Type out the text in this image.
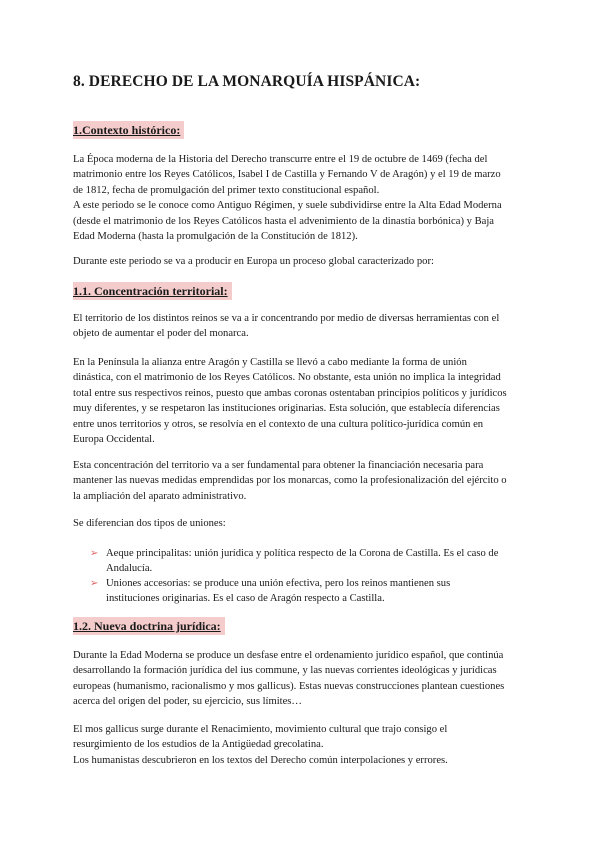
8. DERECHO DE LA MONARQUÍA HISPÁNICA:
1.Contexto histórico:
La Época moderna de la Historia del Derecho transcurre entre el 19 de octubre de 1469 (fecha del
matrimonio entre los Reyes Católicos, Isabel I de Castilla y Fernando V de Aragón) y el 19 de marzo
de 1812, fecha de promulgación del primer texto constitucional español.
A este periodo se le conoce como Antiguo Régimen, y suele subdividirse entre la Alta Edad Moderna
(desde el matrimonio de los Reyes Católicos hasta el advenimiento de la dinastía borbónica) y Baja
Edad Moderna (hasta la promulgación de la Constitución de 1812).
Durante este periodo se va a producir en Europa un proceso global caracterizado por:
1.1. Concentración territorial:
El territorio de los distintos reinos se va a ir concentrando por medio de diversas herramientas con el
objeto de aumentar el poder del monarca.
En la Península la alianza entre Aragón y Castilla se llevó a cabo mediante la forma de unión
dinástica, con el matrimonio de los Reyes Católicos. No obstante, esta unión no implica la integridad
total entre sus respectivos reinos, puesto que ambas coronas ostentaban principios políticos y jurídicos
muy diferentes, y se respetaron las instituciones originarias. Esta solución, que establecía diferencias
entre unos territorios y otros, se resolvía en el contexto de una cultura político-jurídica común en
Europa Occidental.
Esta concentración del territorio va a ser fundamental para obtener la financiación necesaria para
mantener las nuevas medidas emprendidas por los monarcas, como la profesionalización del ejército o
la ampliación del aparato administrativo.
Se diferencian dos tipos de uniones:
➢ Aeque principalitas: unión jurídica y política respecto de la Corona de Castilla. Es el caso de
Andalucía.
➢ Uniones accesorias: se produce una unión efectiva, pero los reinos mantienen sus
instituciones originarias. Es el caso de Aragón respecto a Castilla.
1.2. Nueva doctrina jurídica:
Durante la Edad Moderna se produce un desfase entre el ordenamiento jurídico español, que continúa
desarrollando la formación jurídica del ius commune, y las nuevas corrientes ideológicas y jurídicas
europeas (humanismo, racionalismo y mos gallicus). Estas nuevas construcciones plantean cuestiones
acerca del origen del poder, su ejercicio, sus límites…
El mos gallicus surge durante el Renacimiento, movimiento cultural que trajo consigo el
resurgimiento de los estudios de la Antigüedad grecolatina.
Los humanistas descubrieron en los textos del Derecho común interpolaciones y errores.
